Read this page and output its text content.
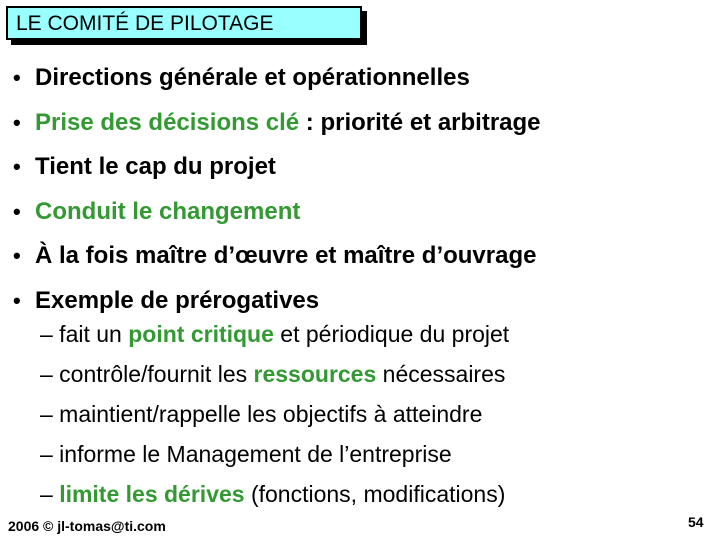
LE COMITÉ DE PILOTAGE
• Directions générale et opérationnelles
• Prise des décisions clé : priorité et arbitrage
• Tient le cap du projet
• Conduit le changement
• À la fois maître d’œuvre et maître d’ouvrage
• Exemple de prérogatives
– fait un point critique et périodique du projet
– contrôle/fournit les ressources nécessaires
– maintient/rappelle les objectifs à atteindre
– informe le Management de l’entreprise
– limite les dérives (fonctions, modifications)
2006 © jl-tomas@ti.com	54
